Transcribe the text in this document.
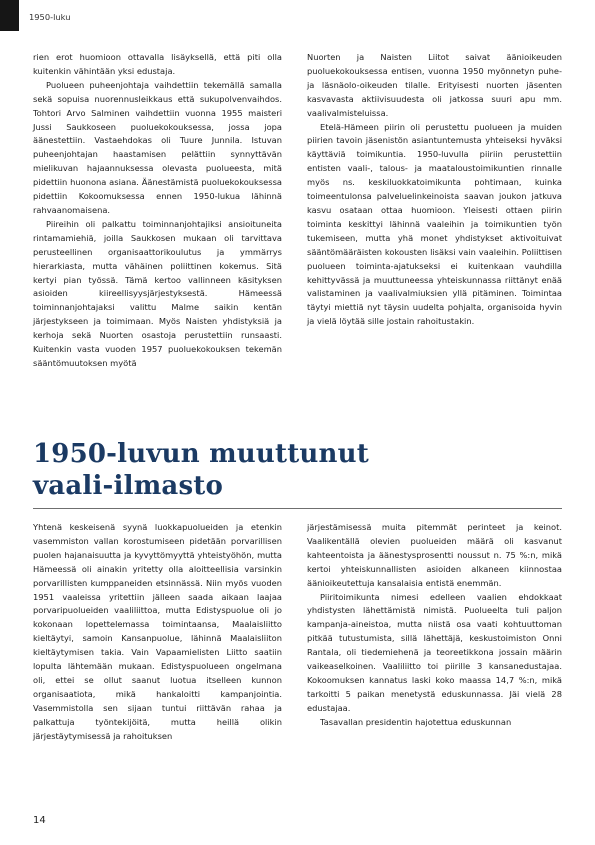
1950-luku

rien erot huomioon ottavalla lisäyksellä, että piti olla kuitenkin vähintään yksi edustaja.

Puolueen puheenjohtaja vaihdettiin tekemällä samalla sekä sopuisa nuorennusleikkaus että sukupolvenvaihdos. Tohtori Arvo Salminen vaihdettiin vuonna 1955 maisteri Jussi Saukkoseen puoluekokouksessa, jossa jopa äänestettiin. Vastaehdokas oli Tuure Junnila. Istuvan puheenjohtajan haastamisen pelättiin synnyttävän mielikuvan hajaannuksessa olevasta puolueesta, mitä pidettiin huonona asiana. Äänestämistä puoluekokouksessa pidettiin Kokoomuksessa ennen 1950-lukua lähinnä rahvaanomaisena.

Piireihin oli palkattu toiminnanjohtajiksi ansioituneita rintamamiehiä, joilla Saukkosen mukaan oli tarvittava perusteellinen organisaattorikoulutus ja ymmärrys hierarkiasta, mutta vähäinen poliittinen kokemus. Sitä kertyi pian työssä. Tämä kertoo vallinneen käsityksen asioiden kiireellisyysjärjestyksestä. Hämeessä toiminnanjohtajaksi valittu Malme saikin kentän järjestykseen ja toimimaan. Myös Naisten yhdistyksiä ja kerhoja sekä Nuorten osastoja perustettiin runsaasti. Kuitenkin vasta vuoden 1957 puoluekokouksen tekemän sääntömuutoksen myötä

Nuorten ja Naisten Liitot saivat äänioikeuden puoluekokouksessa entisen, vuonna 1950 myönnetyn puhe- ja läsnäolo-oikeuden tilalle. Erityisesti nuorten jäsenten kasvavasta aktiivisuudesta oli jatkossa suuri apu mm. vaalivalmisteluissa.

Etelä-Hämeen piirin oli perustettu puolueen ja muiden piirien tavoin jäsenistön asiantuntemusta yhteiseksi hyväksi käyttäviä toimikuntia. 1950-luvulla piiriin perustettiin entisten vaali-, talous- ja maataloustoimikuntien rinnalle myös ns. keskiluokkatoimikunta pohtimaan, kuinka toimeentulonsa palveluelinkeinoista saavan joukon jatkuva kasvu osataan ottaa huomioon. Yleisesti ottaen piirin toiminta keskittyi lähinnä vaaleihin ja toimikuntien työn tukemiseen, mutta yhä monet yhdistykset aktivoituivat sääntömääräisten kokousten lisäksi vain vaaleihin. Poliittisen puolueen toiminta-ajatukseksi ei kuitenkaan vauhdilla kehittyvässä ja muuttuneessa yhteiskunnassa riittänyt enää valistaminen ja vaalivalmiuksien yllä pitäminen. Toimintaa täytyi miettiä nyt täysin uudelta pohjalta, organisoida hyvin ja vielä löytää sille jostain rahoitustakin.

1950-luvun muuttunut
vaali-ilmasto

Yhtenä keskeisenä syynä luokkapuolueiden ja etenkin vasemmiston vallan korostumiseen pidetään porvarillisen puolen hajanaisuutta ja kyvyttömyyttä yhteistyöhön, mutta Hämeessä oli ainakin yritetty olla aloitteellisia varsinkin porvarillisten kumppaneiden etsinnässä. Niin myös vuoden 1951 vaaleissa yritettiin jälleen saada aikaan laajaa porvaripuolueiden vaaliliittoa, mutta Edistyspuolue oli jo kokonaan lopettelemassa toimintaansa, Maalaisliitto kieltäytyi, samoin Kansanpuolue, lähinnä Maalaisliiton kieltäytymisen takia. Vain Vapaamielisten Liitto saatiin lopulta lähtemään mukaan. Edistyspuolueen ongelmana oli, ettei se ollut saanut luotua itselleen kunnon organisaatiota, mikä hankaloitti kampanjointia. Vasemmistolla sen sijaan tuntui riittävän rahaa ja palkattuja työntekijöitä, mutta heillä olikin järjestäytymisessä ja rahoituksen

järjestämisessä muita pitemmät perinteet ja keinot. Vaalikentällä olevien puolueiden määrä oli kasvanut kahteentoista ja äänestysprosentti noussut n. 75 %:n, mikä kertoi yhteiskunnallisten asioiden alkaneen kiinnostaa äänioikeutettuja kansalaisia entistä enemmän.

Piiritoimikunta nimesi edelleen vaalien ehdokkaat yhdistysten lähettämistä nimistä. Puolueelta tuli paljon kampanja-aineistoa, mutta niistä osa vaati kohtuuttoman pitkää tutustumista, sillä lähettäjä, keskustoimiston Onni Rantala, oli tiedemiehenä ja teoreetikkona jossain määrin vaikeaselkoinen. Vaaliliitto toi piirille 3 kansanedustajaa. Kokoomuksen kannatus laski koko maassa 14,7 %:n, mikä tarkoitti 5 paikan menetystä eduskunnassa. Jäi vielä 28 edustajaa.

Tasavallan presidentin hajotettua eduskunnan

14
